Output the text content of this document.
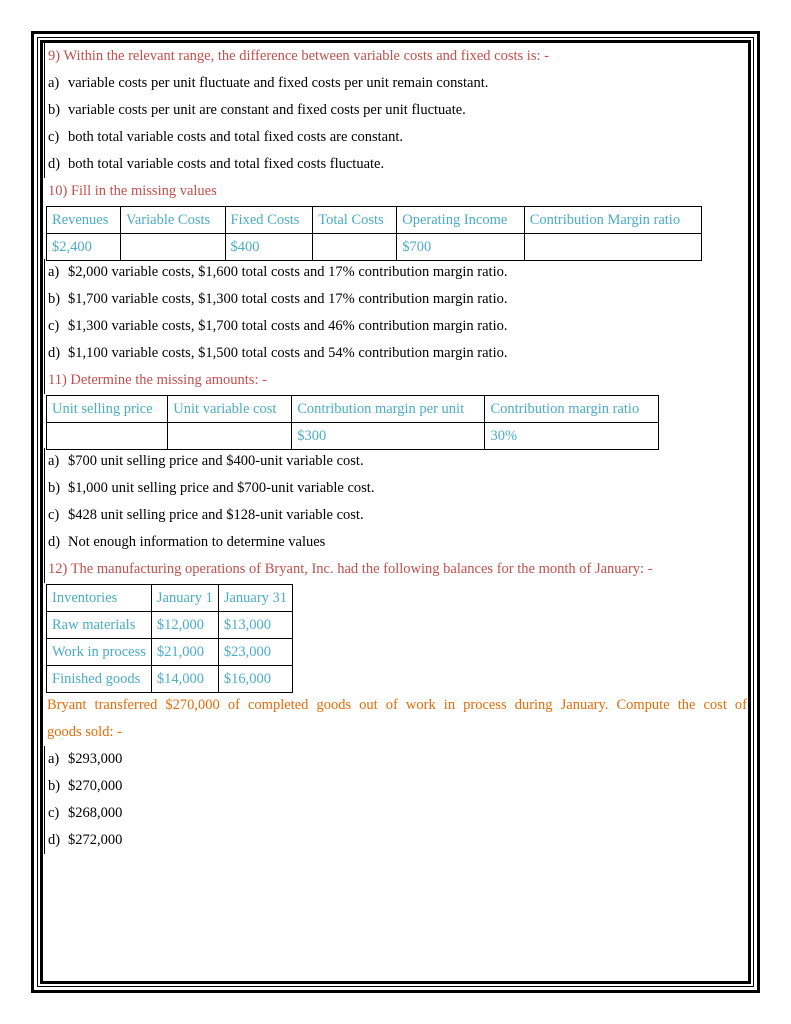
9) Within the relevant range, the difference between variable costs and fixed costs is: -
a) variable costs per unit fluctuate and fixed costs per unit remain constant.
b) variable costs per unit are constant and fixed costs per unit fluctuate.
c) both total variable costs and total fixed costs are constant.
d) both total variable costs and total fixed costs fluctuate.
10) Fill in the missing values
Revenues	Variable Costs	Fixed Costs	Total Costs	Operating Income	Contribution Margin ratio
$2,400		$400		$700	
a) $2,000 variable costs, $1,600 total costs and 17% contribution margin ratio.
b) $1,700 variable costs, $1,300 total costs and 17% contribution margin ratio.
c) $1,300 variable costs, $1,700 total costs and 46% contribution margin ratio.
d) $1,100 variable costs, $1,500 total costs and 54% contribution margin ratio.
11) Determine the missing amounts: -
Unit selling price	Unit variable cost	Contribution margin per unit	Contribution margin ratio
		$300	30%
a) $700 unit selling price and $400-unit variable cost.
b) $1,000 unit selling price and $700-unit variable cost.
c) $428 unit selling price and $128-unit variable cost.
d) Not enough information to determine values
12) The manufacturing operations of Bryant, Inc. had the following balances for the month of January: -
Inventories	January 1	January 31
Raw materials	$12,000	$13,000
Work in process	$21,000	$23,000
Finished goods	$14,000	$16,000
Bryant transferred $270,000 of completed goods out of work in process during January. Compute the cost of
goods sold: -
a) $293,000
b) $270,000
c) $268,000
d) $272,000
